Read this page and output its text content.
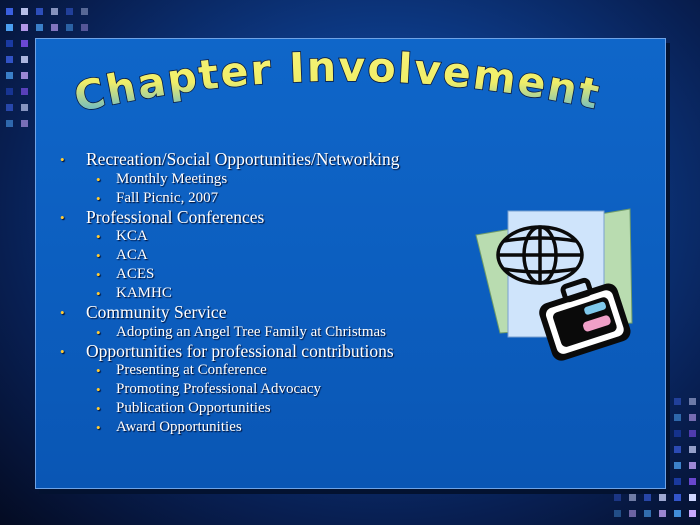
Chapter Involvement
• Recreation/Social Opportunities/Networking
• Monthly Meetings
• Fall Picnic, 2007
• Professional Conferences
• KCA
• ACA
• ACES
• KAMHC
• Community Service
• Adopting an Angel Tree Family at Christmas
• Opportunities for professional contributions
• Presenting at Conference
• Promoting Professional Advocacy
• Publication Opportunities
• Award Opportunities
